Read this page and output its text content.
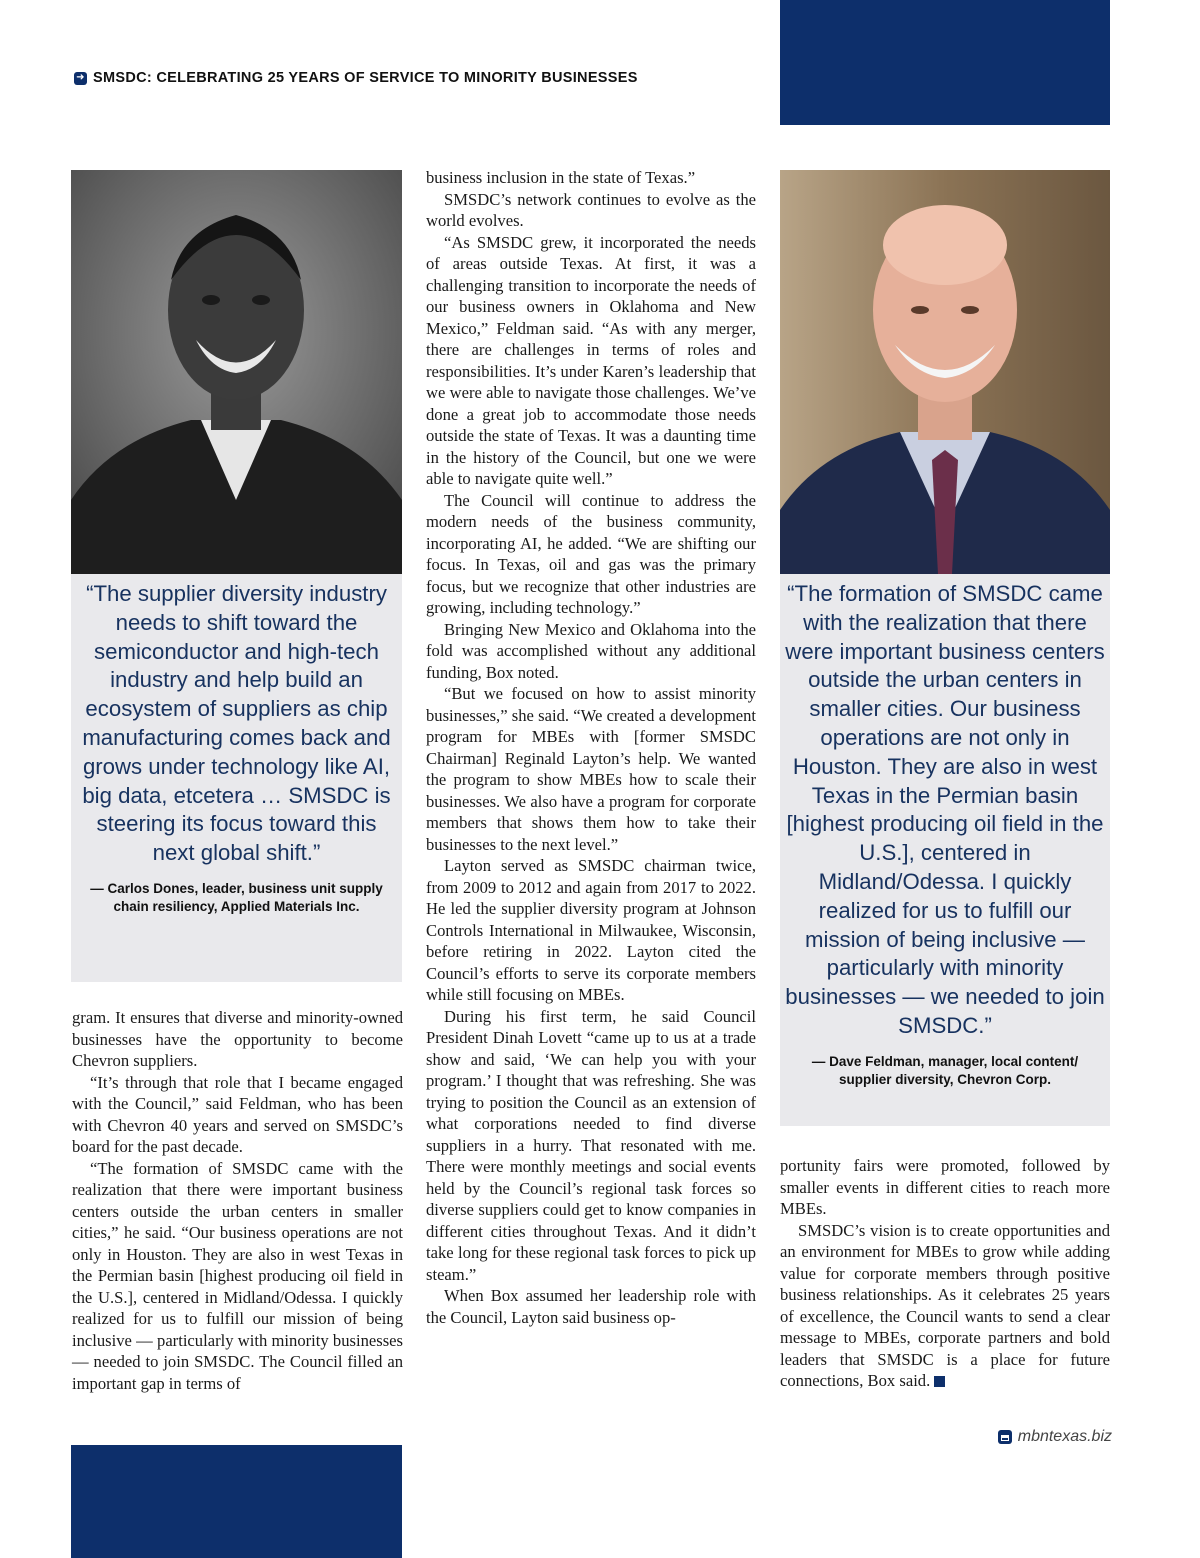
➜ SMSDC: CELEBRATING 25 YEARS OF SERVICE TO MINORITY BUSINESSES

“The supplier diversity industry needs to shift toward the semiconductor and high-tech industry and help build an ecosystem of suppliers as chip manufacturing comes back and grows under technology like AI, big data, etcetera … SMSDC is steering its focus toward this next global shift.”

— Carlos Dones, leader, business unit supply chain resiliency, Applied Materials Inc.

“The formation of SMSDC came with the realization that there were important business centers outside the urban centers in smaller cities. Our business operations are not only in Houston. They are also in west Texas in the Permian basin [highest producing oil field in the U.S.], centered in Midland/Odessa. I quickly realized for us to fulfill our mission of being inclusive — particularly with minority businesses — we needed to join SMSDC.”

— Dave Feldman, manager, local content/ supplier diversity, Chevron Corp.

gram. It ensures that diverse and minority-owned businesses have the opportunity to become Chevron suppliers.

“It’s through that role that I became engaged with the Council,” said Feldman, who has been with Chevron 40 years and served on SMSDC’s board for the past decade.

“The formation of SMSDC came with the realization that there were important business centers outside the urban centers in smaller cities,” he said. “Our business operations are not only in Houston. They are also in west Texas in the Permian basin [highest producing oil field in the U.S.], centered in Midland/Odessa. I quickly realized for us to fulfill our mission of being inclusive — particularly with minority businesses — needed to join SMSDC. The Council filled an important gap in terms of

business inclusion in the state of Texas.”

SMSDC’s network continues to evolve as the world evolves.

“As SMSDC grew, it incorporated the needs of areas outside Texas. At first, it was a challenging transition to incorporate the needs of our business owners in Oklahoma and New Mexico,” Feldman said. “As with any merger, there are challenges in terms of roles and responsibilities. It’s under Karen’s leadership that we were able to navigate those challenges. We’ve done a great job to accommodate those needs outside the state of Texas. It was a daunting time in the history of the Council, but one we were able to navigate quite well.”

The Council will continue to address the modern needs of the business community, incorporating AI, he added. “We are shifting our focus. In Texas, oil and gas was the primary focus, but we recognize that other industries are growing, including technology.”

Bringing New Mexico and Oklahoma into the fold was accomplished without any additional funding, Box noted.

“But we focused on how to assist minority businesses,” she said. “We created a development program for MBEs with [former SMSDC Chairman] Reginald Layton’s help. We wanted the program to show MBEs how to scale their businesses. We also have a program for corporate members that shows them how to take their businesses to the next level.”

Layton served as SMSDC chairman twice, from 2009 to 2012 and again from 2017 to 2022. He led the supplier diversity program at Johnson Controls International in Milwaukee, Wisconsin, before retiring in 2022. Layton cited the Council’s efforts to serve its corporate members while still focusing on MBEs.

During his first term, he said Council President Dinah Lovett “came up to us at a trade show and said, ‘We can help you with your program.’ I thought that was refreshing. She was trying to position the Council as an extension of what corporations needed to find diverse suppliers in a hurry. That resonated with me. There were monthly meetings and social events held by the Council’s regional task forces so diverse suppliers could get to know companies in different cities throughout Texas. And it didn’t take long for these regional task forces to pick up steam.”

When Box assumed her leadership role with the Council, Layton said business op-

portunity fairs were promoted, followed by smaller events in different cities to reach more MBEs.

SMSDC’s vision is to create opportunities and an environment for MBEs to grow while adding value for corporate members through positive business relationships. As it celebrates 25 years of excellence, the Council wants to send a clear message to MBEs, corporate partners and bold leaders that SMSDC is a place for future connections, Box said.

mbntexas.biz
